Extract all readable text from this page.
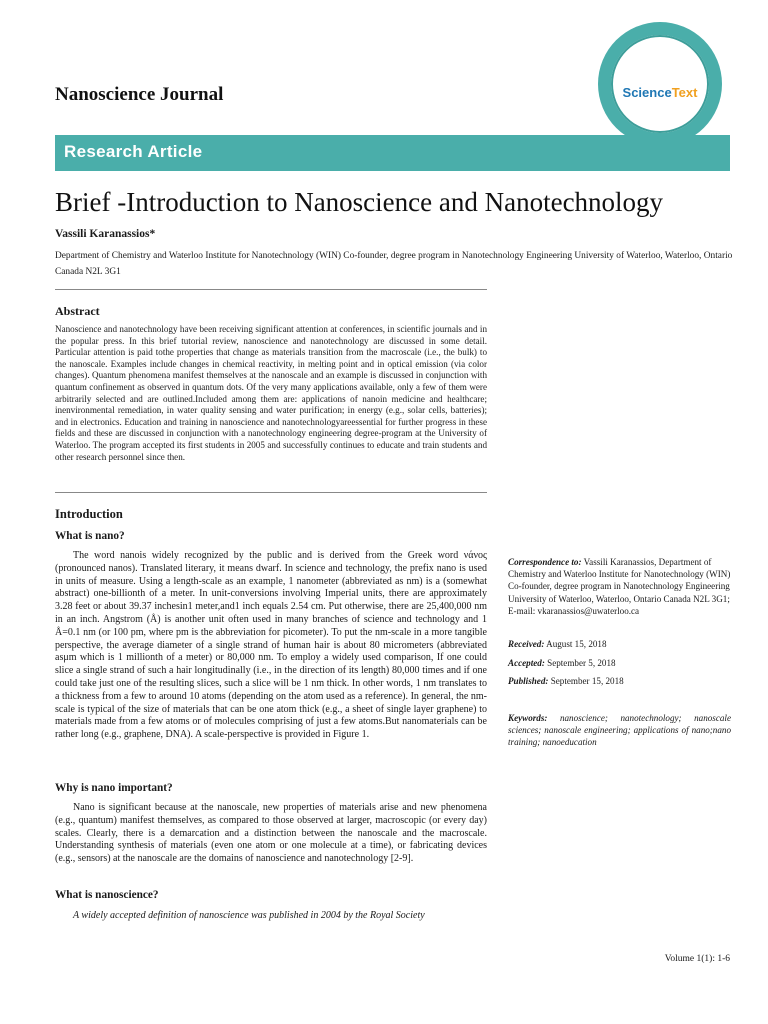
Nanoscience Journal	ScienceText
Research Article
Brief -Introduction to Nanoscience and Nanotechnology
Vassili Karanassios*
Department of Chemistry and Waterloo Institute for Nanotechnology (WIN) Co-founder, degree program in Nanotechnology Engineering University of Waterloo, Waterloo, Ontario Canada N2L 3G1
Abstract
Nanoscience and nanotechnology have been receiving significant attention at conferences, in scientific journals and in the popular press. In this brief tutorial review, nanoscience and nanotechnology are discussed in some detail. Particular attention is paid tothe properties that change as materials transition from the macroscale (i.e., the bulk) to the nanoscale. Examples include changes in chemical reactivity, in melting point and in optical emission (via color changes). Quantum phenomena manifest themselves at the nanoscale and an example is discussed in conjunction with quantum confinement as observed in quantum dots. Of the very many applications available, only a few of them were arbitrarily selected and are outlined.Included among them are: applications of nanoin medicine and healthcare; inenvironmental remediation, in water quality sensing and water purification; in energy (e.g., solar cells, batteries); and in electronics. Education and training in nanoscience and nanotechnologyareessential for further progress in these fields and these are discussed in conjunction with a nanotechnology engineering degree-program at the University of Waterloo. The program accepted its first students in 2005 and successfully continues to educate and train students and other research personnel since then.
Introduction
What is nano?

The word nanois widely recognized by the public and is derived from the Greek word νάνος (pronounced nanos). Translated literary, it means dwarf. In science and technology, the prefix nano is used in units of measure. Using a length-scale as an example, 1 nanometer (abbreviated as nm) is a (somewhat abstract) one-billionth of a meter. In unit-conversions involving Imperial units, there are approximately 3.28 feet or about 39.37 inchesin1 meter,and1 inch equals 2.54 cm. Put otherwise, there are 25,400,000 nm in an inch. Angstrom (Å) is another unit often used in many branches of science and technology and 1 Å=0.1 nm (or 100 pm, where pm is the abbreviation for picometer). To put the nm-scale in a more tangible perspective, the average diameter of a single strand of human hair is about 80 micrometers (abbreviated asμm which is 1 millionth of a meter) or 80,000 nm. To employ a widely used comparison, If one could slice a single strand of such a hair longitudinally (i.e., in the direction of its length) 80,000 times and if one could take just one of the resulting slices, such a slice will be 1 nm thick. In other words, 1 nm translates to a thickness from a few to around 10 atoms (depending on the atom used as a reference). In general, the nm-scale is typical of the size of materials that can be one atom thick (e.g., a sheet of single layer graphene) to materials made from a few atoms or of molecules comprising of just a few atoms.But nanomaterials can be rather long (e.g., graphene, DNA). A scale-perspective is provided in Figure 1.

Why is nano important?

Nano is significant because at the nanoscale, new properties of materials arise and new phenomena (e.g., quantum) manifest themselves, as compared to those observed at larger, macroscopic (or every day) scales. Clearly, there is a demarcation and a distinction between the nanoscale and the macroscale. Understanding synthesis of materials (even one atom or one molecule at a time), or fabricating devices (e.g., sensors) at the nanoscale are the domains of nanoscience and nanotechnology [2-9].

What is nanoscience?

A widely accepted definition of nanoscience was published in 2004 by the Royal Society

Correspondence to: Vassili Karanassios, Department of Chemistry and Waterloo Institute for Nanotechnology (WIN) Co-founder, degree program in Nanotechnology Engineering University of Waterloo, Waterloo, Ontario Canada N2L 3G1; E-mail: vkaranassios@uwaterloo.ca
Received: August 15, 2018
Accepted: September 5, 2018
Published: September 15, 2018
Keywords: nanoscience; nanotechnology; nanoscale sciences; nanoscale engineering; applications of nano;nano training; nanoeducation
Volume 1(1): 1-6
